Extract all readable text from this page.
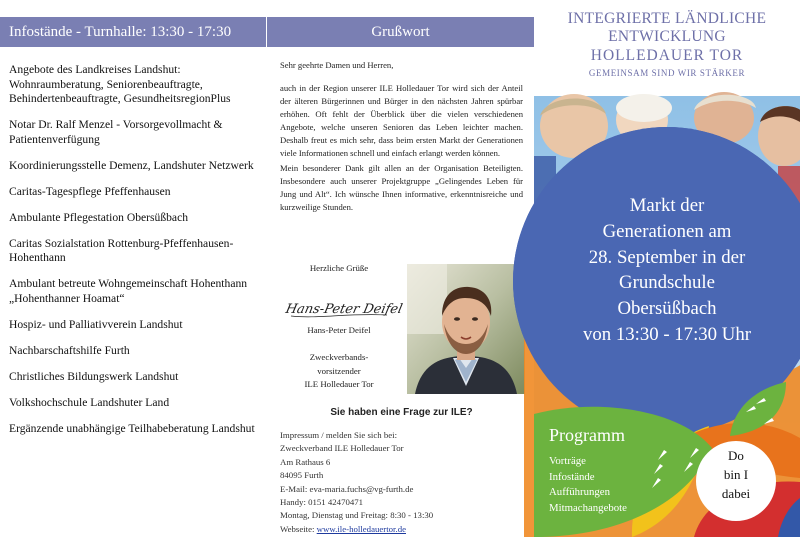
Infostände - Turnhalle: 13:30 - 17:30
Angebote des Landkreises Landshut: Wohnraumberatung, Seniorenbeauftragte, Behindertenbeauftragte, GesundheitsregionPlus
Notar Dr. Ralf Menzel - Vorsorgevollmacht & Patientenverfügung
Koordinierungsstelle Demenz, Landshuter Netzwerk
Caritas-Tagespflege Pfeffenhausen
Ambulante Pflegestation Obersüßbach
Caritas Sozialstation Rottenburg-Pfeffenhausen-Hohenthann
Ambulant betreute Wohngemeinschaft Hohenthann „Hohenthanner Hoamat“
Hospiz- und Palliativverein Landshut
Nachbarschaftshilfe Furth
Christliches Bildungswerk Landshut
Volkshochschule Landshuter Land
Ergänzende unabhängige Teilhabeberatung Landshut
Grußwort

Sehr geehrte Damen und Herren,

auch in der Region unserer ILE Holledauer Tor wird sich der Anteil der älteren Bürgerinnen und Bürger in den nächsten Jahren spürbar erhöhen. Oft fehlt der Überblick über die vielen verschiedenen Angebote, welche unseren Senioren das Leben leichter machen. Deshalb freut es mich sehr, dass beim ersten Markt der Generationen viele Informationen schnell und einfach erlangt werden können.

Mein besonderer Dank gilt allen an der Organisation Beteiligten. Insbesondere auch unserer Projektgruppe „Gelingendes Leben für Jung und Alt“. Ich wünsche Ihnen informative, erkenntnisreiche und kurzweilige Stunden.

Herzliche Grüße
Hans-Peter Deifel
Hans-Peter Deifel
Zweckverbands-
vorsitzender
ILE Holledauer Tor
Sie haben eine Frage zur ILE?
Impressum / melden Sie sich bei:
Zweckverband ILE Holledauer Tor
Am Rathaus 6
84095 Furth
E-Mail: eva-maria.fuchs@vg-furth.de
Handy: 0151 42470471
Montag, Dienstag und Freitag: 8:30 - 13:30
Webseite: www.ile-holledauertor.de
INTEGRIERTE LÄNDLICHE
ENTWICKLUNG
HOLLEDAUER TOR
GEMEINSAM SIND WIR STÄRKER
Markt der
Generationen am
28. September in der
Grundschule
Obersüßbach
von 13:30 - 17:30 Uhr
Programm
Vorträge
Infostände
Aufführungen
Mitmachangebote
Do
bin I
dabei
